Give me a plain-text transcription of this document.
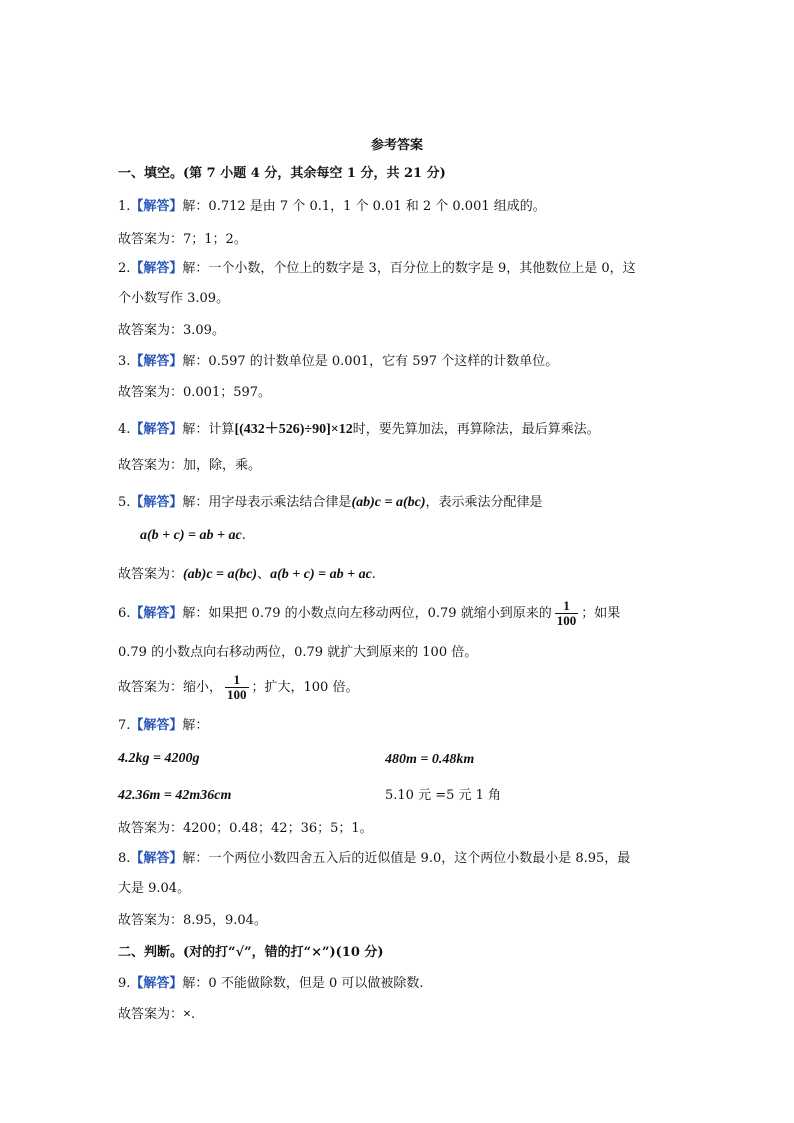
参考答案
一、填空。(第 7 小题 4 分，其余每空 1 分，共 21 分)
1.【解答】解：0.712 是由 7 个 0.1，1 个 0.01 和 2 个 0.001 组成的。
故答案为：7；1；2。
2.【解答】解：一个小数，个位上的数字是 3，百分位上的数字是 9，其他数位上是 0，这
个小数写作 3.09。
故答案为：3.09。
3.【解答】解：0.597 的计数单位是 0.001，它有 597 个这样的计数单位。
故答案为：0.001；597。
4.【解答】解：计算[(432＋526)÷90]×12时，要先算加法，再算除法，最后算乘法。
故答案为：加，除，乘。
5.【解答】解：用字母表示乘法结合律是(ab)c = a(bc)，表示乘法分配律是
a(b + c) = ab + ac.
故答案为：(ab)c = a(bc)、a(b + c) = ab + ac.
6.【解答】解：如果把 0.79 的小数点向左移动两位，0.79 就缩小到原来的 $\frac{1}{100}$ ；如果
0.79 的小数点向右移动两位，0.79 就扩大到原来的 100 倍。
故答案为：缩小， $\frac{1}{100}$ ；扩大，100 倍。
7.【解答】解：
4.2kg = 4200g	480m = 0.48km
42.36m = 42m36cm	5.10 元 =5 元 1 角
故答案为：4200；0.48；42；36；5；1。
8.【解答】解：一个两位小数四舍五入后的近似值是 9.0，这个两位小数最小是 8.95，最
大是 9.04。
故答案为：8.95，9.04。
二、判断。(对的打“√”，错的打“×”)(10 分)
9.【解答】解：0 不能做除数，但是 0 可以做被除数.
故答案为：×.
